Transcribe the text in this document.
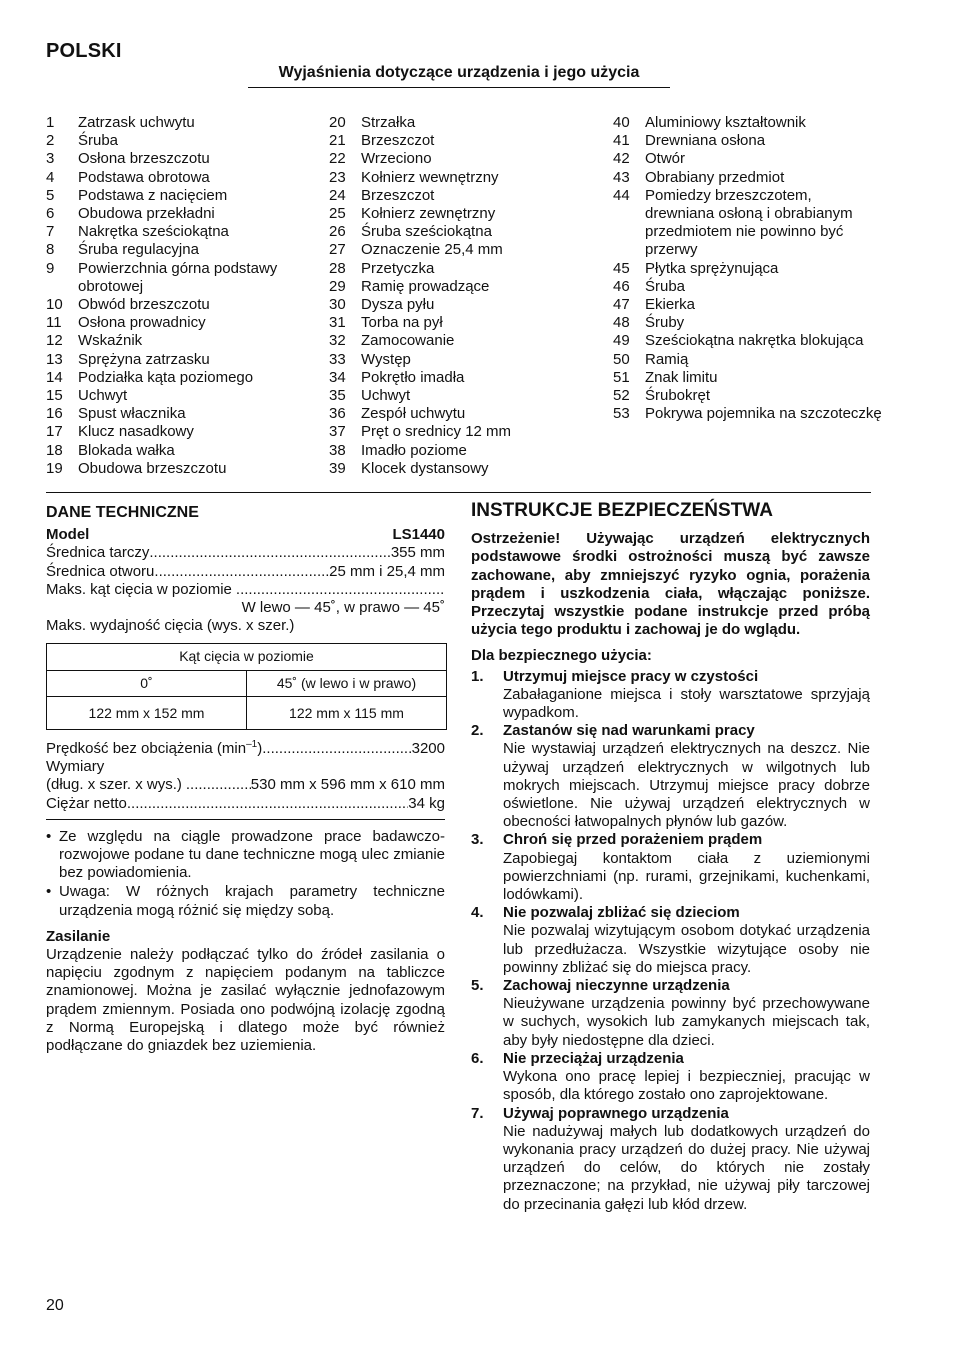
POLSKI
Wyjaśnienia dotyczące urządzenia i jego użycia
1	Zatrzask uchwytu
2	Śruba
3	Osłona brzeszczotu
4	Podstawa obrotowa
5	Podstawa z nacięciem
6	Obudowa przekładni
7	Nakrętka sześciokątna
8	Śruba regulacyjna
9	Powierzchnia górna podstawy obrotowej
10	Obwód brzeszczotu
11	Osłona prowadnicy
12	Wskaźnik
13	Sprężyna zatrzasku
14	Podziałka kąta poziomego
15	Uchwyt
16	Spust włacznika
17	Klucz nasadkowy
18	Blokada wałka
19	Obudowa brzeszczotu
20	Strzałka
21	Brzeszczot
22	Wrzeciono
23	Kołnierz wewnętrzny
24	Brzeszczot
25	Kołnierz zewnętrzny
26	Śruba sześciokątna
27	Oznaczenie 25,4 mm
28	Przetyczka
29	Ramię prowadzące
30	Dysza pyłu
31	Torba na pył
32	Zamocowanie
33	Występ
34	Pokrętło imadła
35	Uchwyt
36	Zespół uchwytu
37	Pręt o srednicy 12 mm
38	Imadło poziome
39	Klocek dystansowy
40	Aluminiowy kształtownik
41	Drewniana osłona
42	Otwór
43	Obrabiany przedmiot
44	Pomiedzy brzeszczotem, drewniana osłoną i obrabianym przedmiotem nie powinno być przerwy
45	Płytka sprężynująca
46	Śruba
47	Ekierka
48	Śruby
49	Sześciokątna nakrętka blokująca
50	Ramią
51	Znak limitu
52	Śrubokręt
53	Pokrywa pojemnika na szczoteczkę
DANE TECHNICZNE
Model	LS1440
Średnica tarczy .....	355 mm
Średnica otworu .....	25 mm i 25,4 mm
Maks. kąt cięcia w poziomie
.....
W lewo — 45˚, w prawo — 45˚
Maks. wydajność cięcia (wys. x szer.)
Kąt cięcia w poziomie	
0˚	45˚ (w lewo i w prawo)
122 mm x 152 mm	122 mm x 115 mm
Prędkość bez obciążenia $(\min^{-1})$ .....	3200
Wymiary
(dług. x szer. x wys.) .....	530 mm x 596 mm x 610 mm
Ciężar netto .....	34 kg
• Ze względu na ciągle prowadzone prace badawczo-rozwojowe podane tu dane techniczne mogą ulec zmianie bez powiadomienia.
• Uwaga: W różnych krajach parametry techniczne urządzenia mogą różnić się między sobą.
Zasilanie
Urządzenie należy podłączać tylko do źródeł zasilania o napięciu zgodnym z napięciem podanym na tabliczce znamionowej. Można je zasilać wyłącznie jednofazowym prądem zmiennym. Posiada ono podwójną izolację zgodną z Normą Europejską i dlatego może być również podłączane do gniazdek bez uziemienia.
INSTRUKCJE BEZPIECZEŃSTWA
Ostrzeżenie! Używając urządzeń elektrycznych podstawowe środki ostrożności muszą być zawsze zachowane, aby zmniejszyć ryzyko ognia, porażenia prądem i uszkodzenia ciała, włączając poniższe. Przeczytaj wszystkie podane instrukcje przed próbą użycia tego produktu i zachowaj je do wglądu.
Dla bezpiecznego użycia:
1.	Utrzymuj miejsce pracy w czystości
Zabałaganione miejsca i stoły warsztatowe sprzyjają wypadkom.
2.	Zastanów się nad warunkami pracy
Nie wystawiaj urządzeń elektrycznych na deszcz. Nie używaj urządzeń elektrycznych w wilgotnych lub mokrych miejscach. Utrzymuj miejsce pracy dobrze oświetlone. Nie używaj urządzeń elektrycznych w obecności łatwopalnych płynów lub gazów.
3.	Chroń się przed porażeniem prądem
Zapobiegaj kontaktom ciała z uziemionymi powierzchniami (np. rurami, grzejnikami, kuchenkami, lodówkami).
4.	Nie pozwalaj zbliżać się dzieciom
Nie pozwalaj wizytującym osobom dotykać urządzenia lub przedłużacza. Wszystkie wizytujące osoby nie powinny zbliżać się do miejsca pracy.
5.	Zachowaj nieczynne urządzenia
Nieużywane urządzenia powinny być przechowywane w suchych, wysokich lub zamykanych miejscach tak, aby były niedostępne dla dzieci.
6.	Nie przeciążaj urządzenia
Wykona ono pracę lepiej i bezpieczniej, pracując w sposób, dla którego zostało ono zaprojektowane.
7.	Używaj poprawnego urządzenia
Nie nadużywaj małych lub dodatkowych urządzeń do wykonania pracy urządzeń do dużej pracy. Nie używaj urządzeń do celów, do których nie zostały przeznaczone; na przykład, nie używaj piły tarczowej do przecinania gałęzi lub kłód drzew.
20
